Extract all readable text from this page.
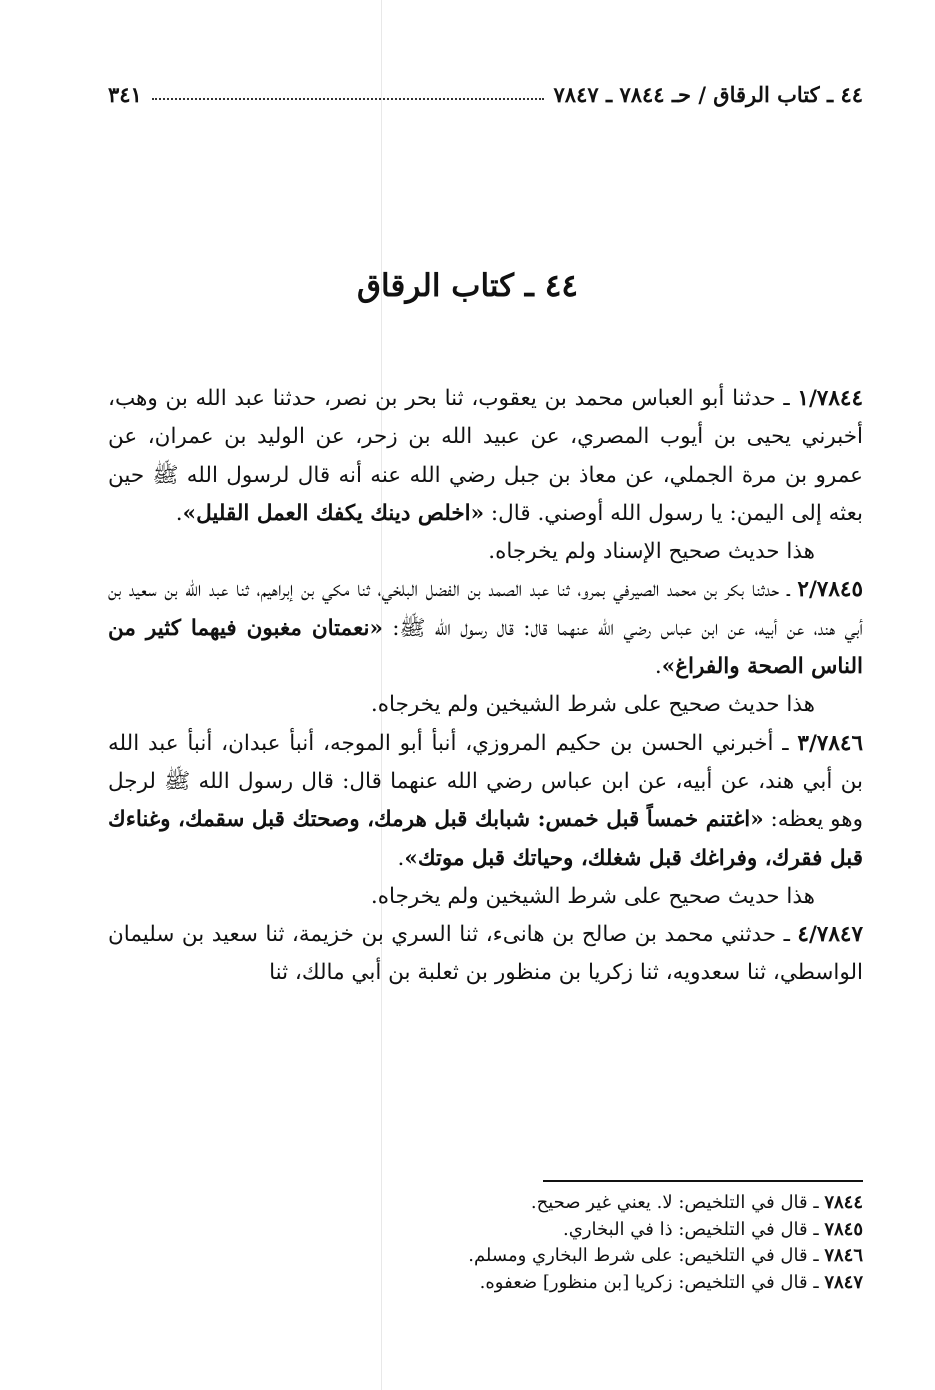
٤٤ ـ كتاب الرقاق / حـ ٧٨٤٤ ـ ٧٨٤٧
٣٤١
٤٤ ـ كتاب الرقاق

١/٧٨٤٤ ـ حدثنا أبو العباس محمد بن يعقوب، ثنا بحر بن نصر، حدثنا عبد الله بن وهب، أخبرني يحيى بن أيوب المصري، عن عبيد الله بن زحر، عن الوليد بن عمران، عن عمرو بن مرة الجملي، عن معاذ بن جبل رضي الله عنه أنه قال لرسول الله ﷺ حين بعثه إلى اليمن: يا رسول الله أوصني. قال: «اخلص دينك يكفك العمل القليل».

هذا حديث صحيح الإسناد ولم يخرجاه.

٢/٧٨٤٥ ـ حدثنا بكر بن محمد الصيرفي بمرو، ثنا عبد الصمد بن الفضل البلخي، ثنا مكي بن إبراهيم، ثنا عبد الله بن سعيد بن أبي هند، عن أبيه، عن ابن عباس رضي الله عنهما قال: قال رسول الله ﷺ: «نعمتان مغبون فيهما كثير من الناس الصحة والفراغ».

هذا حديث صحيح على شرط الشيخين ولم يخرجاه.

٣/٧٨٤٦ ـ أخبرني الحسن بن حكيم المروزي، أنبأ أبو الموجه، أنبأ عبدان، أنبأ عبد الله بن أبي هند، عن أبيه، عن ابن عباس رضي الله عنهما قال: قال رسول الله ﷺ لرجل وهو يعظه: «اغتنم خمساً قبل خمس: شبابك قبل هرمك، وصحتك قبل سقمك، وغناءك قبل فقرك، وفراغك قبل شغلك، وحياتك قبل موتك».

هذا حديث صحيح على شرط الشيخين ولم يخرجاه.

٤/٧٨٤٧ ـ حدثني محمد بن صالح بن هانىء، ثنا السري بن خزيمة، ثنا سعيد بن سليمان الواسطي، ثنا سعدويه، ثنا زكريا بن منظور بن ثعلبة بن أبي مالك، ثنا

٧٨٤٤ ـ قال في التلخيص: لا. يعني غير صحيح.
٧٨٤٥ ـ قال في التلخيص: ذا في البخاري.
٧٨٤٦ ـ قال في التلخيص: على شرط البخاري ومسلم.
٧٨٤٧ ـ قال في التلخيص: زكريا [بن منظور] ضعفوه.
